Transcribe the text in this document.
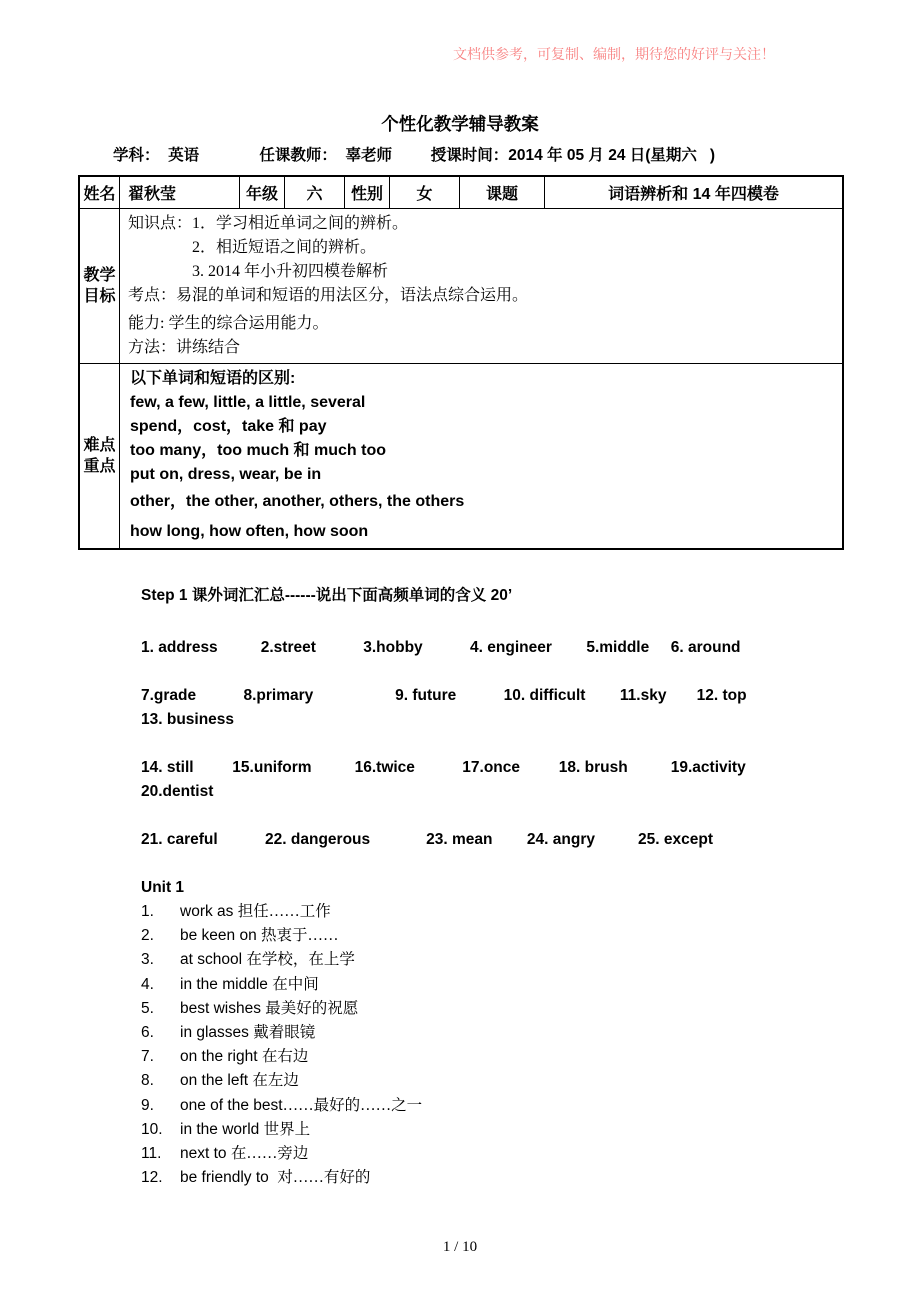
文档供参考，可复制、编制，期待您的好评与关注！
个性化教学辅导教案
学科：  英语              任课教师：  辜老师         授课时间：2014 年 05 月 24 日(星期六   )
姓名 翟秋莹	年级	六	性别	女	课题	词语辨析和 14 年四模卷
教学
目标
知识点：1．学习相近单词之间的辨析。
　　　　2．相近短语之间的辨析。
　　　　3. 2014 年小升初四模卷解析
考点：易混的单词和短语的用法区分，语法点综合运用。
能力: 学生的综合运用能力。
方法：讲练结合
难点
重点
以下单词和短语的区别:
few, a few, little, a little, several
spend，cost，take 和 pay
too many，too much 和 much too
put on, dress, wear, be in
other，the other, another, others, the others
how long, how often, how soon
Step 1 课外词汇汇总------说出下面高频单词的含义 20’
1. address          2.street           3.hobby           4. engineer        5.middle     6. around
7.grade           8.primary                   9. future           10. difficult        11.sky       12. top
13. business
14. still         15.uniform          16.twice           17.once         18. brush          19.activity
20.dentist
21. careful           22. dangerous             23. mean        24. angry          25. except
Unit 1
1.	work as 担任……工作
2.	be keen on 热衷于……
3.	at school 在学校，在上学
4.	in the middle 在中间
5.	best wishes 最美好的祝愿
6.	in glasses 戴着眼镜
7.	on the right 在右边
8.	on the left 在左边
9.	one of the best ……最好的……之一
10.	in the world 世界上
11.	next to 在……旁边
12.	be friendly to 对……有好的
1 / 10
